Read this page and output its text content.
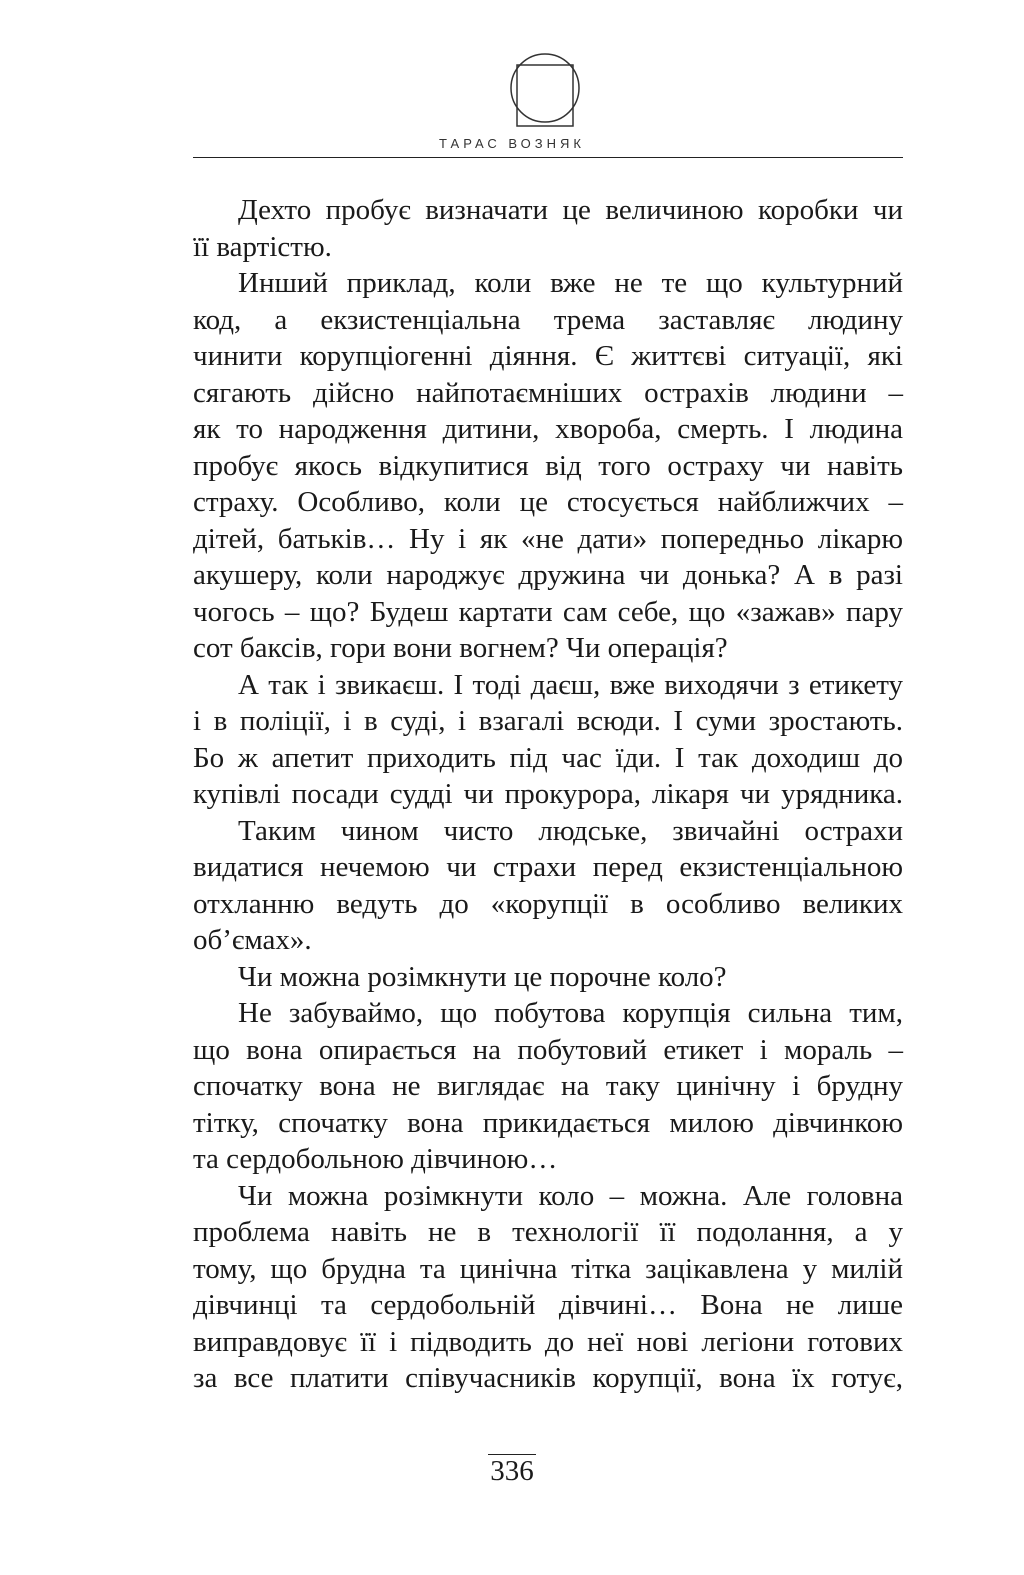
ТАРАС ВОЗНЯК
Дехто пробує визначати це величиною коробки чи
її вартістю.
Инший приклад, коли вже не те що культурний
код, а екзистенціальна трема заставляє людину
чинити корупціогенні діяння. Є життєві ситуації, які
сягають дійсно найпотаємніших острахів людини –
як то народження дитини, хвороба, смерть. І людина
пробує якось відкупитися від того остраху чи навіть
страху. Особливо, коли це стосується найближчих –
дітей, батьків… Ну і як «не дати» попередньо лікарю
акушеру, коли народжує дружина чи донька? А в разі
чогось – що? Будеш картати сам себе, що «зажав» пару
сот баксів, гори вони вогнем? Чи операція?
А так і звикаєш. І тоді даєш, вже виходячи з етикету
і в поліції, і в суді, і взагалі всюди. І суми зростають.
Бо ж апетит приходить під час їди. І так доходиш до
купівлі посади судді чи прокурора, лікаря чи урядника.
Таким чином чисто людське, звичайні острахи
видатися нечемою чи страхи перед екзистенціальною
отхланню ведуть до «корупції в особливо великих
об’ємах».
Чи можна розімкнути це порочне коло?
Не забуваймо, що побутова корупція сильна тим,
що вона опирається на побутовий етикет і мораль –
спочатку вона не виглядає на таку цинічну і брудну
тітку, спочатку вона прикидається милою дівчинкою
та сердобольною дівчиною…
Чи можна розімкнути коло – можна. Але головна
проблема навіть не в технології її подолання, а у
тому, що брудна та цинічна тітка зацікавлена у милій
дівчинці та сердобольній дівчині… Вона не лише
виправдовує її і підводить до неї нові легіони готових
за все платити співучасників корупції, вона їх готує,
336
